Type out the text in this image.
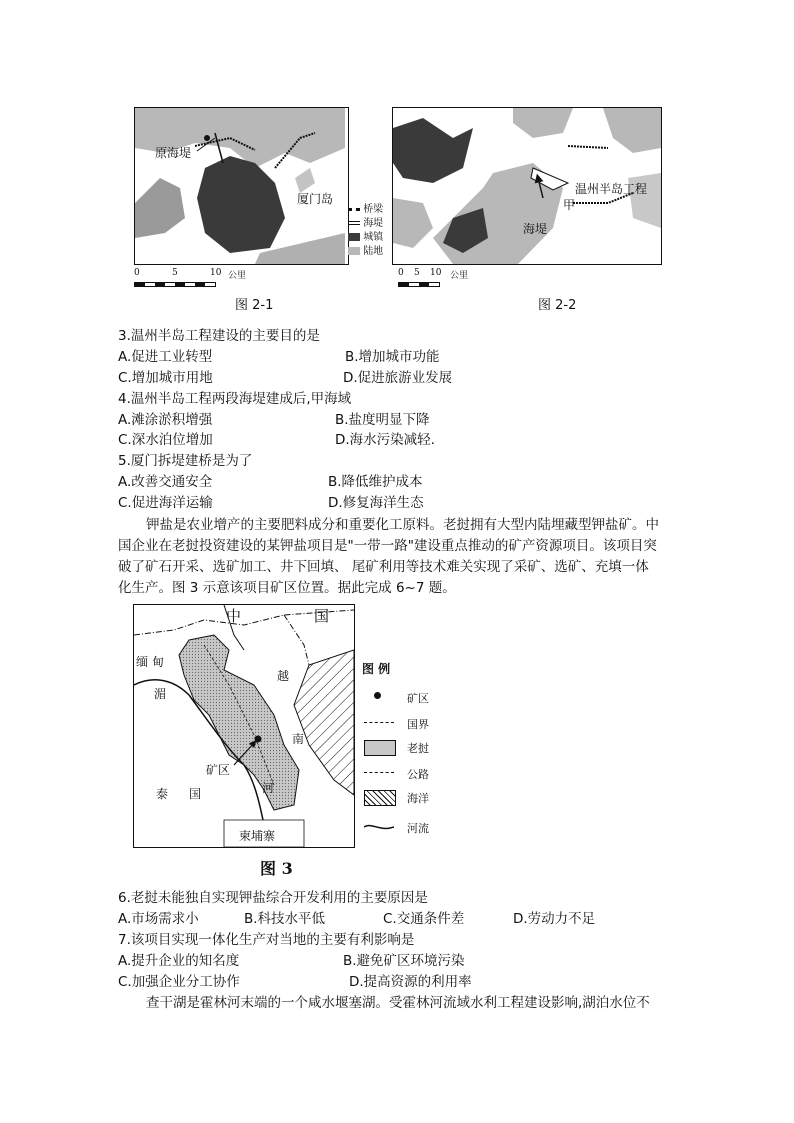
原海堤
厦门岛
桥梁
海堤
城镇
陆地
0	5	10 公里
图 2-1
温州半岛工程
甲
海堤
0 5 10 公里
图 2-2
3.温州半岛工程建设的主要目的是
A.促进工业转型	B.增加城市功能
C.增加城市用地	D.促进旅游业发展
4.温州半岛工程两段海堤建成后,甲海域
A.滩涂淤积增强	B.盐度明显下降
C.深水泊位增加	D.海水污染减轻.
5.厦门拆堤建桥是为了
A.改善交通安全	B.降低维护成本
C.促进海洋运输	D.修复海洋生态
钾盐是农业增产的主要肥料成分和重要化工原料。老挝拥有大型内陆埋藏型钾盐矿。中
国企业在老挝投资建设的某钾盐项目是"一带一路"建设重点推动的矿产资源项目。该项目突
破了矿石开采、选矿加工、井下回填、 尾矿利用等技术难关实现了采矿、选矿、充填一体
化生产。图 3 示意该项目矿区位置。据此完成 6~7 题。
中	国
缅 甸
湄
越
南
矿区
泰 国	河
柬埔寨
图 例
矿区
国界
老挝
公路
海洋
河流
图 3
6.老挝未能独自实现钾盐综合开发利用的主要原因是
A.市场需求小	B.科技水平低	C.交通条件差	D.劳动力不足
7.该项目实现一体化生产对当地的主要有利影响是
A.提升企业的知名度	B.避免矿区环境污染
C.加强企业分工协作	D.提高资源的利用率
查干湖是霍林河末端的一个咸水堰塞湖。受霍林河流域水利工程建设影响,湖泊水位不
